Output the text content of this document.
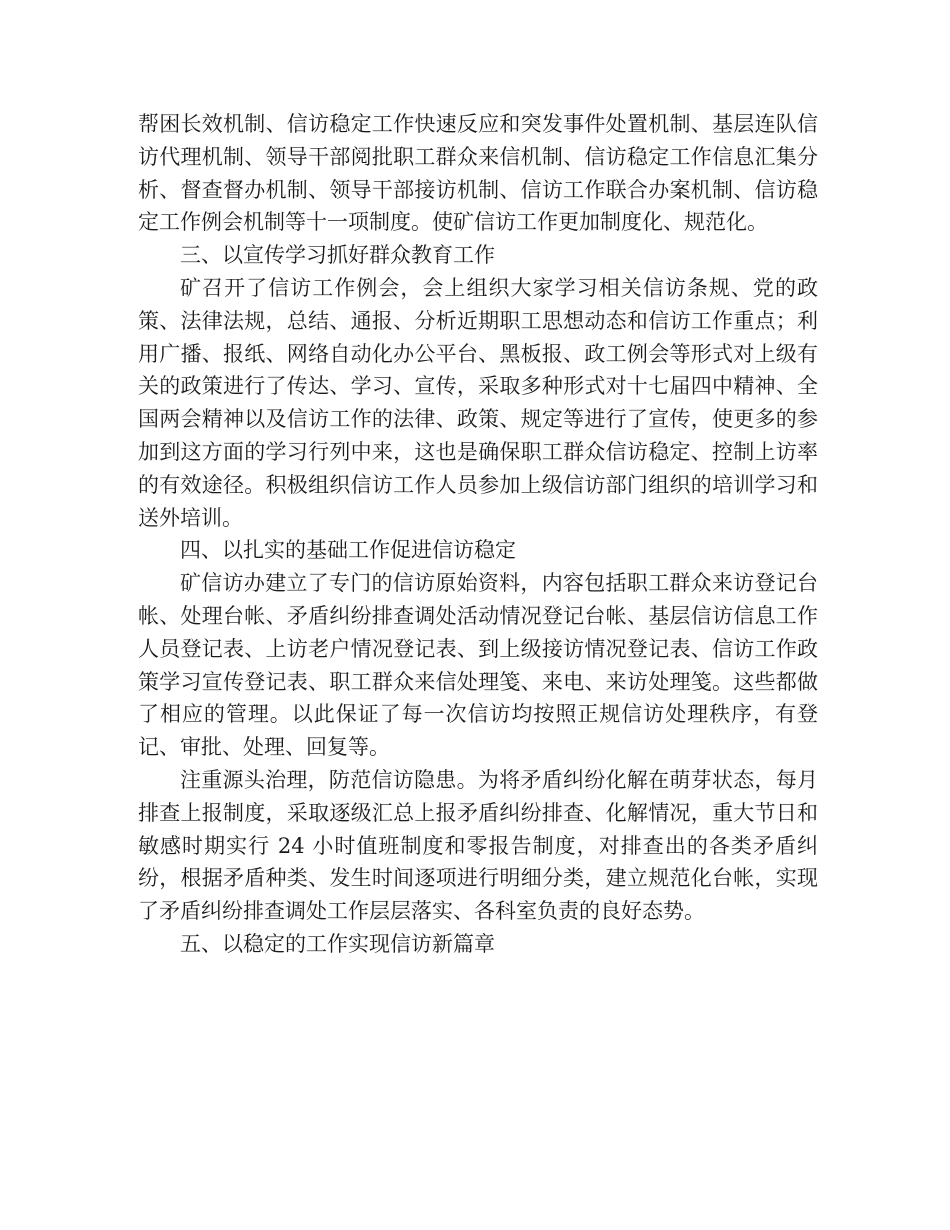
帮困长效机制、信访稳定工作快速反应和突发事件处置机制、基层连队信访代理机制、领导干部阅批职工群众来信机制、信访稳定工作信息汇集分析、督查督办机制、领导干部接访机制、信访工作联合办案机制、信访稳定工作例会机制等十一项制度。使矿信访工作更加制度化、规范化。

三、以宣传学习抓好群众教育工作

矿召开了信访工作例会，会上组织大家学习相关信访条规、党的政策、法律法规，总结、通报、分析近期职工思想动态和信访工作重点；利用广播、报纸、网络自动化办公平台、黑板报、政工例会等形式对上级有关的政策进行了传达、学习、宣传，采取多种形式对十七届四中精神、全国两会精神以及信访工作的法律、政策、规定等进行了宣传，使更多的参加到这方面的学习行列中来，这也是确保职工群众信访稳定、控制上访率的有效途径。积极组织信访工作人员参加上级信访部门组织的培训学习和送外培训。

四、以扎实的基础工作促进信访稳定

矿信访办建立了专门的信访原始资料，内容包括职工群众来访登记台帐、处理台帐、矛盾纠纷排查调处活动情况登记台帐、基层信访信息工作人员登记表、上访老户情况登记表、到上级接访情况登记表、信访工作政策学习宣传登记表、职工群众来信处理笺、来电、来访处理笺。这些都做了相应的管理。以此保证了每一次信访均按照正规信访处理秩序，有登记、审批、处理、回复等。

注重源头治理，防范信访隐患。为将矛盾纠纷化解在萌芽状态，每月排查上报制度，采取逐级汇总上报矛盾纠纷排查、化解情况，重大节日和敏感时期实行 24 小时值班制度和零报告制度，对排查出的各类矛盾纠纷，根据矛盾种类、发生时间逐项进行明细分类，建立规范化台帐，实现了矛盾纠纷排查调处工作层层落实、各科室负责的良好态势。

五、以稳定的工作实现信访新篇章
